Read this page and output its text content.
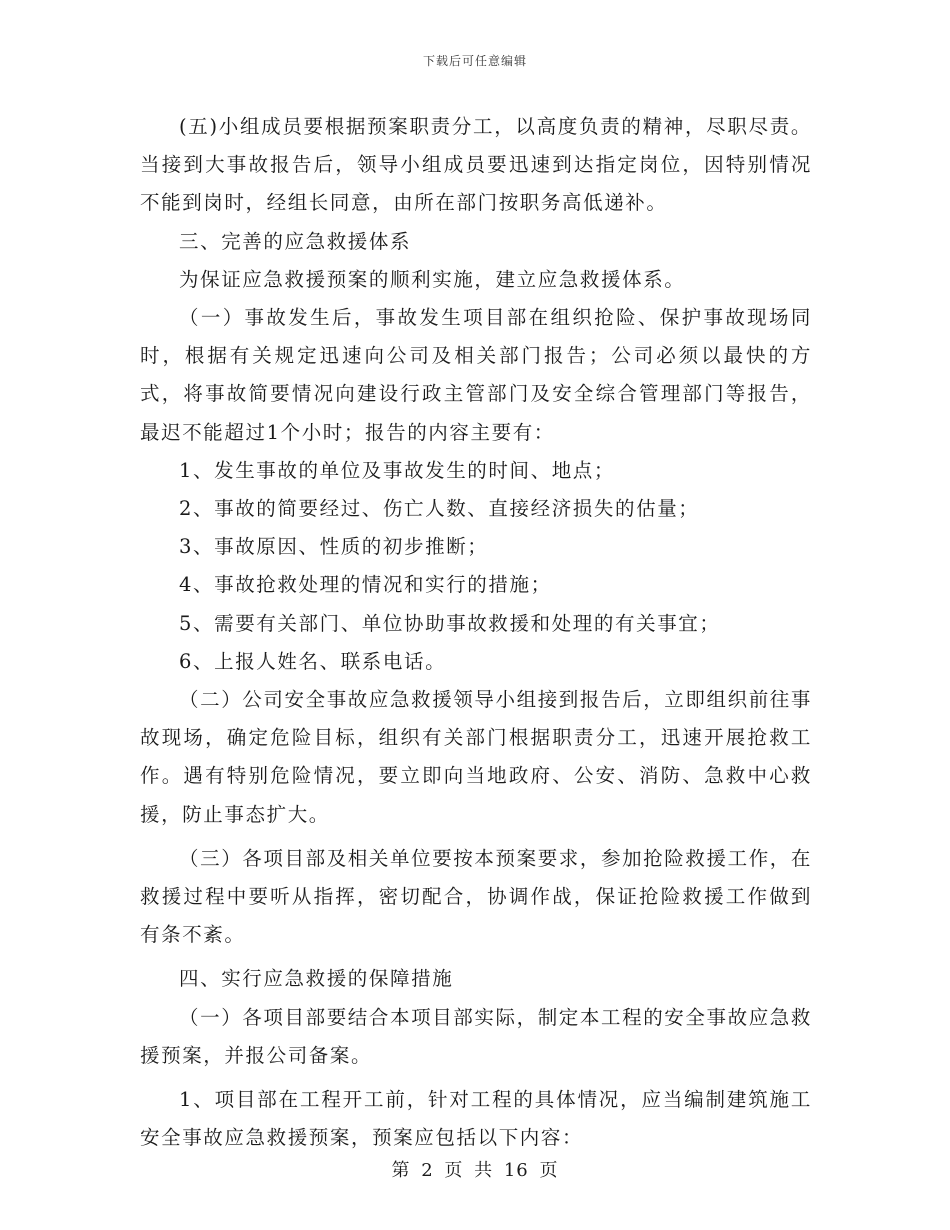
下载后可任意编辑

(五)小组成员要根据预案职责分工，以高度负责的精神，尽职尽责。当接到大事故报告后，领导小组成员要迅速到达指定岗位，因特别情况不能到岗时，经组长同意，由所在部门按职务高低递补。

三、完善的应急救援体系

为保证应急救援预案的顺利实施，建立应急救援体系。

（一）事故发生后，事故发生项目部在组织抢险、保护事故现场同时，根据有关规定迅速向公司及相关部门报告；公司必须以最快的方式，将事故简要情况向建设行政主管部门及安全综合管理部门等报告，最迟不能超过1个小时；报告的内容主要有：

1、发生事故的单位及事故发生的时间、地点；

2、事故的简要经过、伤亡人数、直接经济损失的估量；

3、事故原因、性质的初步推断；

4、事故抢救处理的情况和实行的措施；

5、需要有关部门、单位协助事故救援和处理的有关事宜；

6、上报人姓名、联系电话。

（二）公司安全事故应急救援领导小组接到报告后，立即组织前往事故现场，确定危险目标，组织有关部门根据职责分工，迅速开展抢救工作。遇有特别危险情况，要立即向当地政府、公安、消防、急救中心救援，防止事态扩大。

（三）各项目部及相关单位要按本预案要求，参加抢险救援工作，在救援过程中要听从指挥，密切配合，协调作战，保证抢险救援工作做到有条不紊。

四、实行应急救援的保障措施

（一）各项目部要结合本项目部实际，制定本工程的安全事故应急救援预案，并报公司备案。

1、项目部在工程开工前，针对工程的具体情况，应当编制建筑施工安全事故应急救援预案，预案应包括以下内容：

第 2 页 共 16 页
